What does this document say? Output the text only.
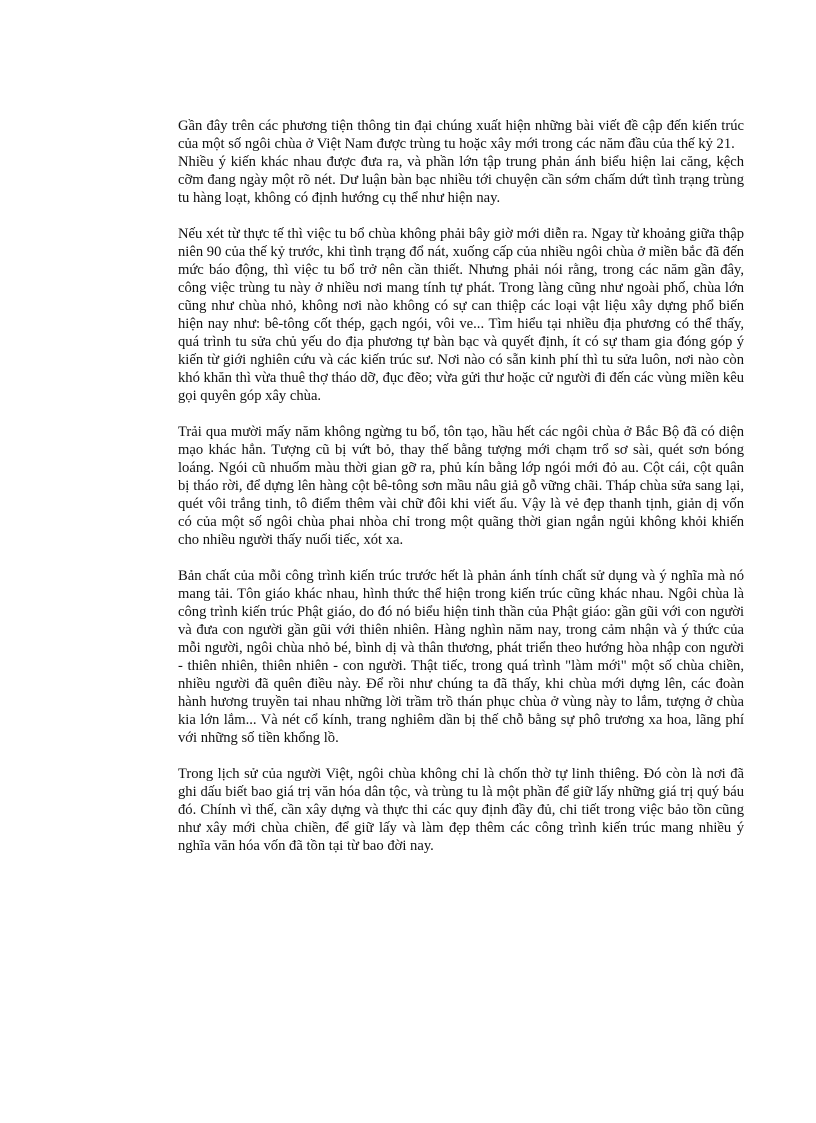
Gần đây trên các phương tiện thông tin đại chúng xuất hiện những bài viết đề cập đến kiến trúc của một số ngôi chùa ở Việt Nam được trùng tu hoặc xây mới trong các năm đầu của thế kỷ 21.

Nhiều ý kiến khác nhau được đưa ra, và phần lớn tập trung phản ánh biểu hiện lai căng, kệch cỡm đang ngày một rõ nét. Dư luận bàn bạc nhiều tới chuyện cần sớm chấm dứt tình trạng trùng tu hàng loạt, không có định hướng cụ thể như hiện nay.

Nếu xét từ thực tế thì việc tu bổ chùa không phải bây giờ mới diễn ra. Ngay từ khoảng giữa thập niên 90 của thế kỷ trước, khi tình trạng đổ nát, xuống cấp của nhiều ngôi chùa ở miền bắc đã đến mức báo động, thì việc tu bổ trở nên cần thiết. Nhưng phải nói rằng, trong các năm gần đây, công việc trùng tu này ở nhiều nơi mang tính tự phát. Trong làng cũng như ngoài phố, chùa lớn cũng như chùa nhỏ, không nơi nào không có sự can thiệp các loại vật liệu xây dựng phổ biến hiện nay như: bê-tông cốt thép, gạch ngói, vôi ve... Tìm hiểu tại nhiều địa phương có thể thấy, quá trình tu sửa chủ yếu do địa phương tự bàn bạc và quyết định, ít có sự tham gia đóng góp ý kiến từ giới nghiên cứu và các kiến trúc sư. Nơi nào có sẵn kinh phí thì tu sửa luôn, nơi nào còn khó khăn thì vừa thuê thợ tháo dỡ, đục đẽo; vừa gửi thư hoặc cử người đi đến các vùng miền kêu gọi quyên góp xây chùa.

Trải qua mười mấy năm không ngừng tu bổ, tôn tạo, hầu hết các ngôi chùa ở Bắc Bộ đã có diện mạo khác hẳn. Tượng cũ bị vứt bỏ, thay thế bằng tượng mới chạm trổ sơ sài, quét sơn bóng loáng. Ngói cũ nhuốm màu thời gian gỡ ra, phủ kín bằng lớp ngói mới đỏ au. Cột cái, cột quân bị tháo rời, để dựng lên hàng cột bê-tông sơn mầu nâu giả gỗ vững chãi. Tháp chùa sửa sang lại, quét vôi trắng tinh, tô điểm thêm vài chữ đôi khi viết ẩu. Vậy là vẻ đẹp thanh tịnh, giản dị vốn có của một số ngôi chùa phai nhòa chỉ trong một quãng thời gian ngắn ngủi không khỏi khiến cho nhiều người thấy nuối tiếc, xót xa.

Bản chất của mỗi công trình kiến trúc trước hết là phản ánh tính chất sử dụng và ý nghĩa mà nó mang tải. Tôn giáo khác nhau, hình thức thể hiện trong kiến trúc cũng khác nhau. Ngôi chùa là công trình kiến trúc Phật giáo, do đó nó biểu hiện tinh thần của Phật giáo: gần gũi với con người và đưa con người gần gũi với thiên nhiên. Hàng nghìn năm nay, trong cảm nhận và ý thức của mỗi người, ngôi chùa nhỏ bé, bình dị và thân thương, phát triển theo hướng hòa nhập con người - thiên nhiên, thiên nhiên - con người. Thật tiếc, trong quá trình "làm mới" một số chùa chiền, nhiều người đã quên điều này. Để rồi như chúng ta đã thấy, khi chùa mới dựng lên, các đoàn hành hương truyền tai nhau những lời trầm trồ thán phục chùa ở vùng này to lắm, tượng ở chùa kia lớn lắm... Và nét cổ kính, trang nghiêm dần bị thế chỗ bằng sự phô trương xa hoa, lãng phí với những số tiền khổng lồ.

Trong lịch sử của người Việt, ngôi chùa không chỉ là chốn thờ tự linh thiêng. Đó còn là nơi đã ghi dấu biết bao giá trị văn hóa dân tộc, và trùng tu là một phần để giữ lấy những giá trị quý báu đó. Chính vì thế, cần xây dựng và thực thi các quy định đầy đủ, chi tiết trong việc bảo tồn cũng như xây mới chùa chiền, để giữ lấy và làm đẹp thêm các công trình kiến trúc mang nhiều ý nghĩa văn hóa vốn đã tồn tại từ bao đời nay.
